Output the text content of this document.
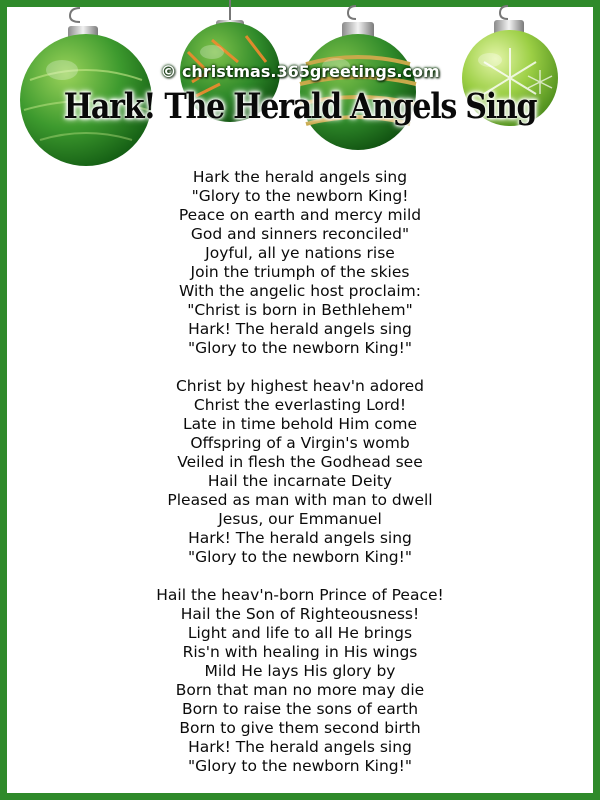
© christmas.365greetings.com
Hark! The Herald Angels Sing
Hark the herald angels sing
"Glory to the newborn King!
Peace on earth and mercy mild
God and sinners reconciled"
Joyful, all ye nations rise
Join the triumph of the skies
With the angelic host proclaim:
"Christ is born in Bethlehem"
Hark! The herald angels sing
"Glory to the newborn King!"
Christ by highest heav'n adored
Christ the everlasting Lord!
Late in time behold Him come
Offspring of a Virgin's womb
Veiled in flesh the Godhead see
Hail the incarnate Deity
Pleased as man with man to dwell
Jesus, our Emmanuel
Hark! The herald angels sing
"Glory to the newborn King!"
Hail the heav'n-born Prince of Peace!
Hail the Son of Righteousness!
Light and life to all He brings
Ris'n with healing in His wings
Mild He lays His glory by
Born that man no more may die
Born to raise the sons of earth
Born to give them second birth
Hark! The herald angels sing
"Glory to the newborn King!"
